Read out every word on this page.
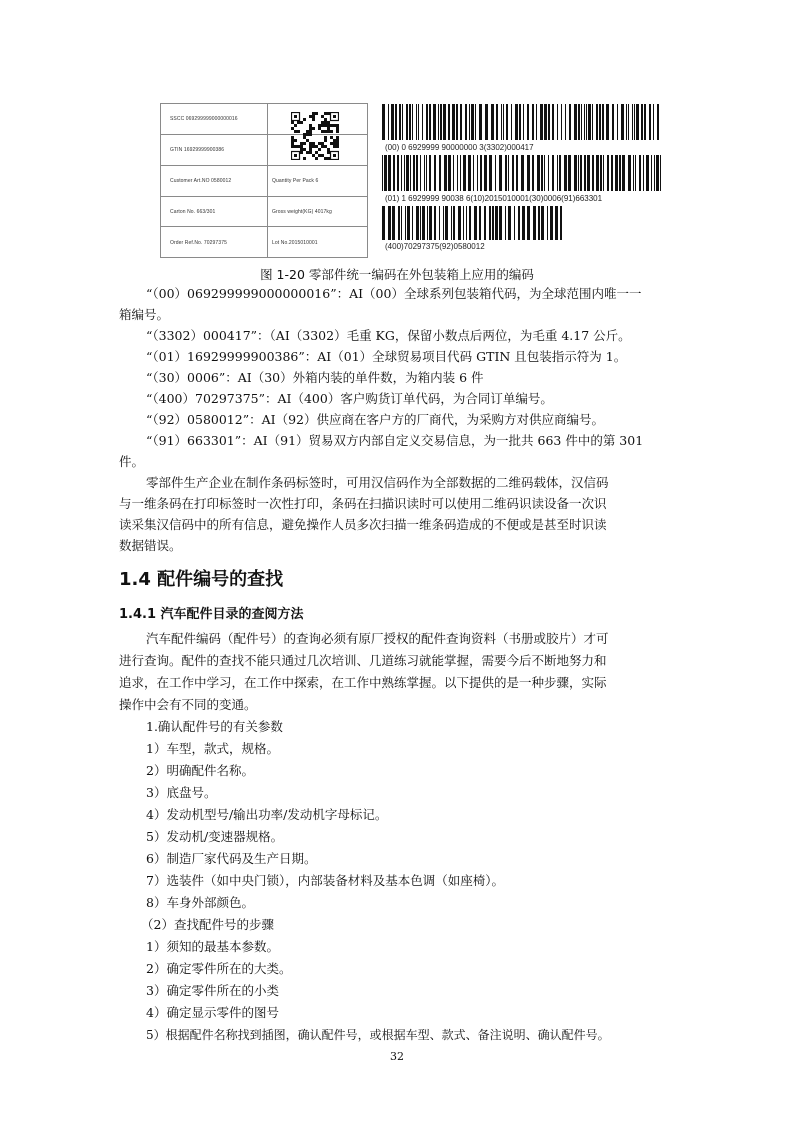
SSCC 069299999000000016
GTIN 16929999900386
Customer Art.NO 0580012	Quantity Per Pack 6
Carton No. 663/301	Gross weight(KG) 4017kg
Order Ref.No. 70297375	Lot No.2015010001
(00) 0 6929999 90000000 3(3302)000417
(01) 1 6929999 90038 6(10)2015010001(30)0006(91)663301
(400)70297375(92)0580012
图 1-20 零部件统一编码在外包装箱上应用的编码
“（00）069299999000000016”：AI（00）全球系列包装箱代码，为全球范围内唯一一
箱编号。
“（3302）000417”：（AI（3302）毛重 KG，保留小数点后两位，为毛重 4.17 公斤。
“（01）16929999900386”：AI（01）全球贸易项目代码 GTIN 且包装指示符为 1。
“（30）0006”：AI（30）外箱内装的单件数，为箱内装 6 件
“（400）70297375”：AI（400）客户购货订单代码，为合同订单编号。
“（92）0580012”：AI（92）供应商在客户方的厂商代，为采购方对供应商编号。
“（91）663301”：AI（91）贸易双方内部自定义交易信息，为一批共 663 件中的第 301
件。
零部件生产企业在制作条码标签时，可用汉信码作为全部数据的二维码载体，汉信码
与一维条码在打印标签时一次性打印，条码在扫描识读时可以使用二维码识读设备一次识
读采集汉信码中的所有信息，避免操作人员多次扫描一维条码造成的不便或是甚至时识读
数据错误。
1.4 配件编号的查找
1.4.1 汽车配件目录的查阅方法
汽车配件编码（配件号）的查询必须有原厂授权的配件查询资料（书册或胶片）才可
进行查询。配件的查找不能只通过几次培训、几道练习就能掌握，需要今后不断地努力和
追求，在工作中学习，在工作中探索，在工作中熟练掌握。以下提供的是一种步骤，实际
操作中会有不同的变通。
1.确认配件号的有关参数
1）车型，款式，规格。
2）明确配件名称。
3）底盘号。
4）发动机型号/输出功率/发动机字母标记。
5）发动机/变速器规格。
6）制造厂家代码及生产日期。
7）选装件（如中央门锁），内部装备材料及基本色调（如座椅）。
8）车身外部颜色。
（2）查找配件号的步骤
1）须知的最基本参数。
2）确定零件所在的大类。
3）确定零件所在的小类
4）确定显示零件的图号
5）根据配件名称找到插图，确认配件号，或根据车型、款式、备注说明、确认配件号。
32
